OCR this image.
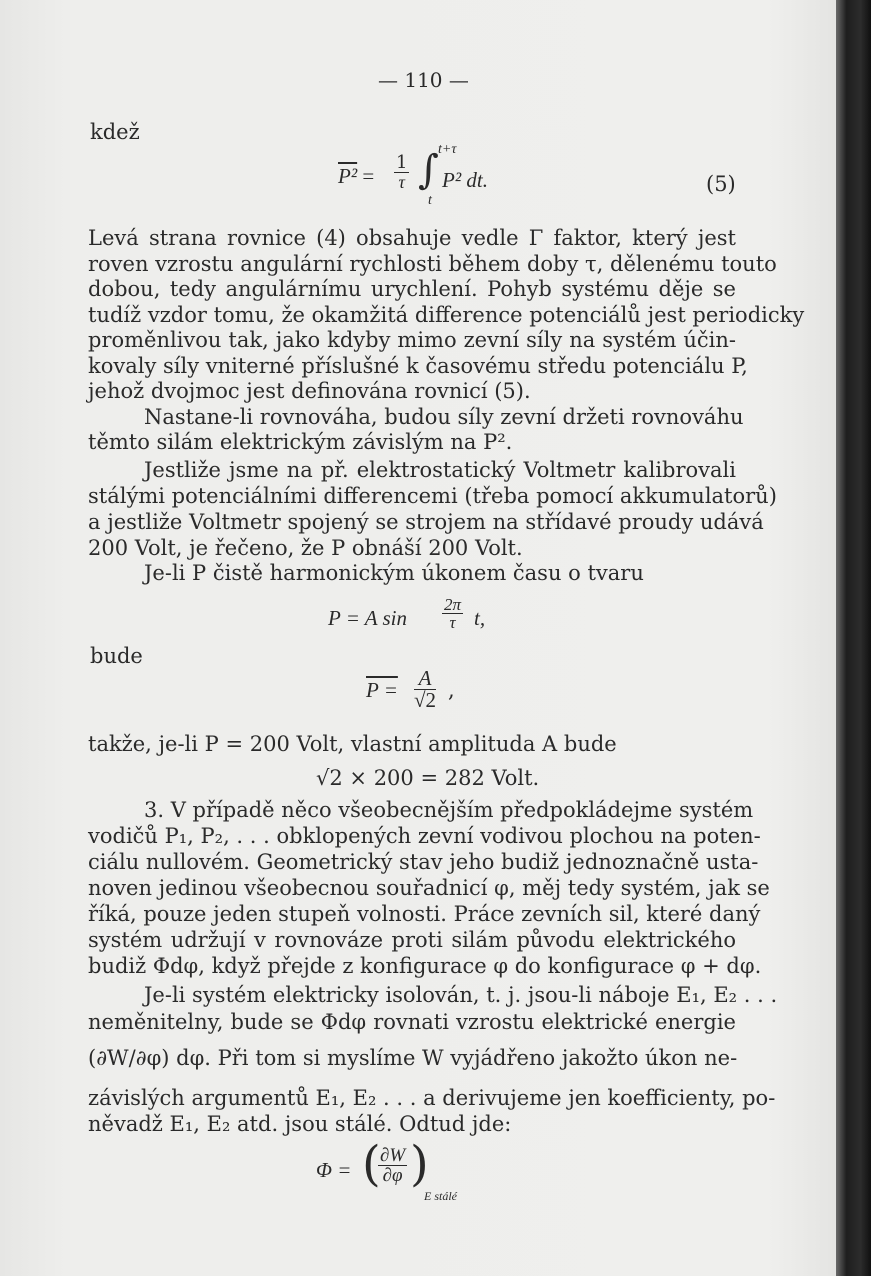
— 110 —
kdež
$P^2 = \frac{1}{\tau}$ ∫ t+τ
t
P² dt.	(5)
Levá strana rovnice (4) obsahuje vedle Γ faktor, který jest
roven vzrostu angulární rychlosti během doby τ, dělenému touto
dobou, tedy angulárnímu urychlení. Pohyb systému děje se
tudíž vzdor tomu, že okamžitá difference potenciálů jest periodicky
proměnlivou tak, jako kdyby mimo zevní síly na systém účin-
kovaly síly vniterné příslušné k časovému středu potenciálu P,
jehož dvojmoc jest definována rovnicí (5).
Nastane-li rovnováha, budou síly zevní držeti rovnováhu
těmto silám elektrickým závislým na P².
Jestliže jsme na př. elektrostatický Voltmetr kalibrovali
stálými potenciálními differencemi (třeba pomocí akkumulatorů)
a jestliže Voltmetr spojený se strojem na střídavé proudy udává
200 Volt, je řečeno, že P obnáší 200 Volt.
Je-li P čistě harmonickým úkonem času o tvaru
P = A $\sin \frac{2\pi}{\tau} t$,
bude
$P = \frac{A}{√2}$ ,
takže, je-li P = 200 Volt, vlastní amplituda A bude
√2 × 200 = 282 Volt.
3. V případě něco všeobecnějším předpokládejme systém
vodičů P₁, P₂, . . . obklopených zevní vodivou plochou na poten-
ciálu nullovém. Geometrický stav jeho budiž jednoznačně usta-
noven jedinou všeobecnou souřadnicí φ, měj tedy systém, jak se
říká, pouze jeden stupeň volnosti. Práce zevních sil, které daný
systém udržují v rovnováze proti silám původu elektrického
budiž Φdφ, když přejde z konfigurace φ do konfigurace φ + dφ.
Je-li systém elektricky isolován, t. j. jsou-li náboje E₁, E₂ . . .
neměnitelny, bude se Φdφ rovnati vzrostu elektrické energie
(∂W/∂φ) dφ. Při tom si myslíme W vyjádřeno jakožto úkon ne-
závislých argumentů E₁, E₂ . . . a derivujeme jen koefficienty, po-
něvadž E₁, E₂ atd. jsou stálé. Odtud jde:
Φ = (
$\frac{\partial W}{\partial\varphi}$ )
E stálé
